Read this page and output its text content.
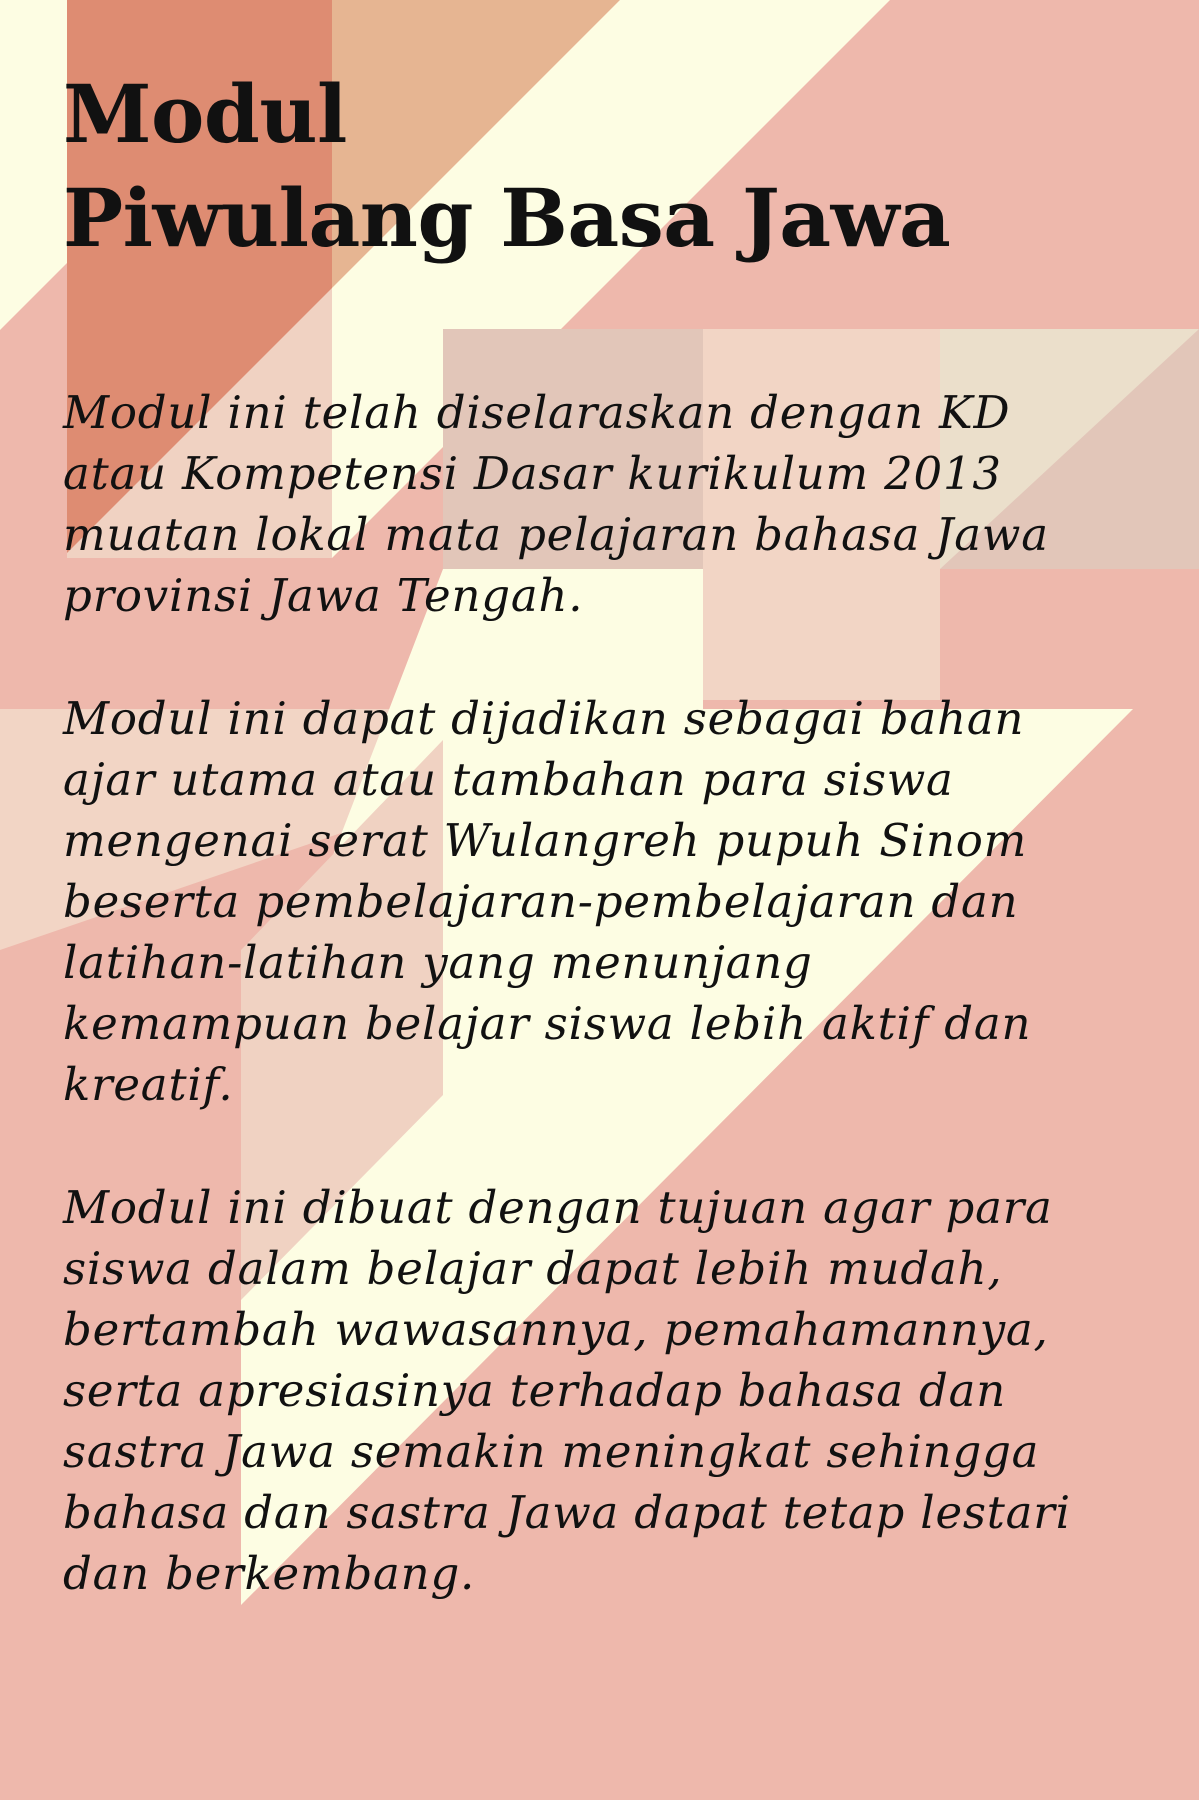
Modul
Piwulang Basa Jawa

Modul ini telah diselaraskan dengan KD
atau Kompetensi Dasar kurikulum 2013
muatan lokal mata pelajaran bahasa Jawa
provinsi Jawa Tengah.

Modul ini dapat dijadikan sebagai bahan
ajar utama atau tambahan para siswa
mengenai serat Wulangreh pupuh Sinom
beserta pembelajaran-pembelajaran dan
latihan-latihan yang menunjang
kemampuan belajar siswa lebih aktif dan
kreatif.

Modul ini dibuat dengan tujuan agar para
siswa dalam belajar dapat lebih mudah,
bertambah wawasannya, pemahamannya,
serta apresiasinya terhadap bahasa dan
sastra Jawa semakin meningkat sehingga
bahasa dan sastra Jawa dapat tetap lestari
dan berkembang.
